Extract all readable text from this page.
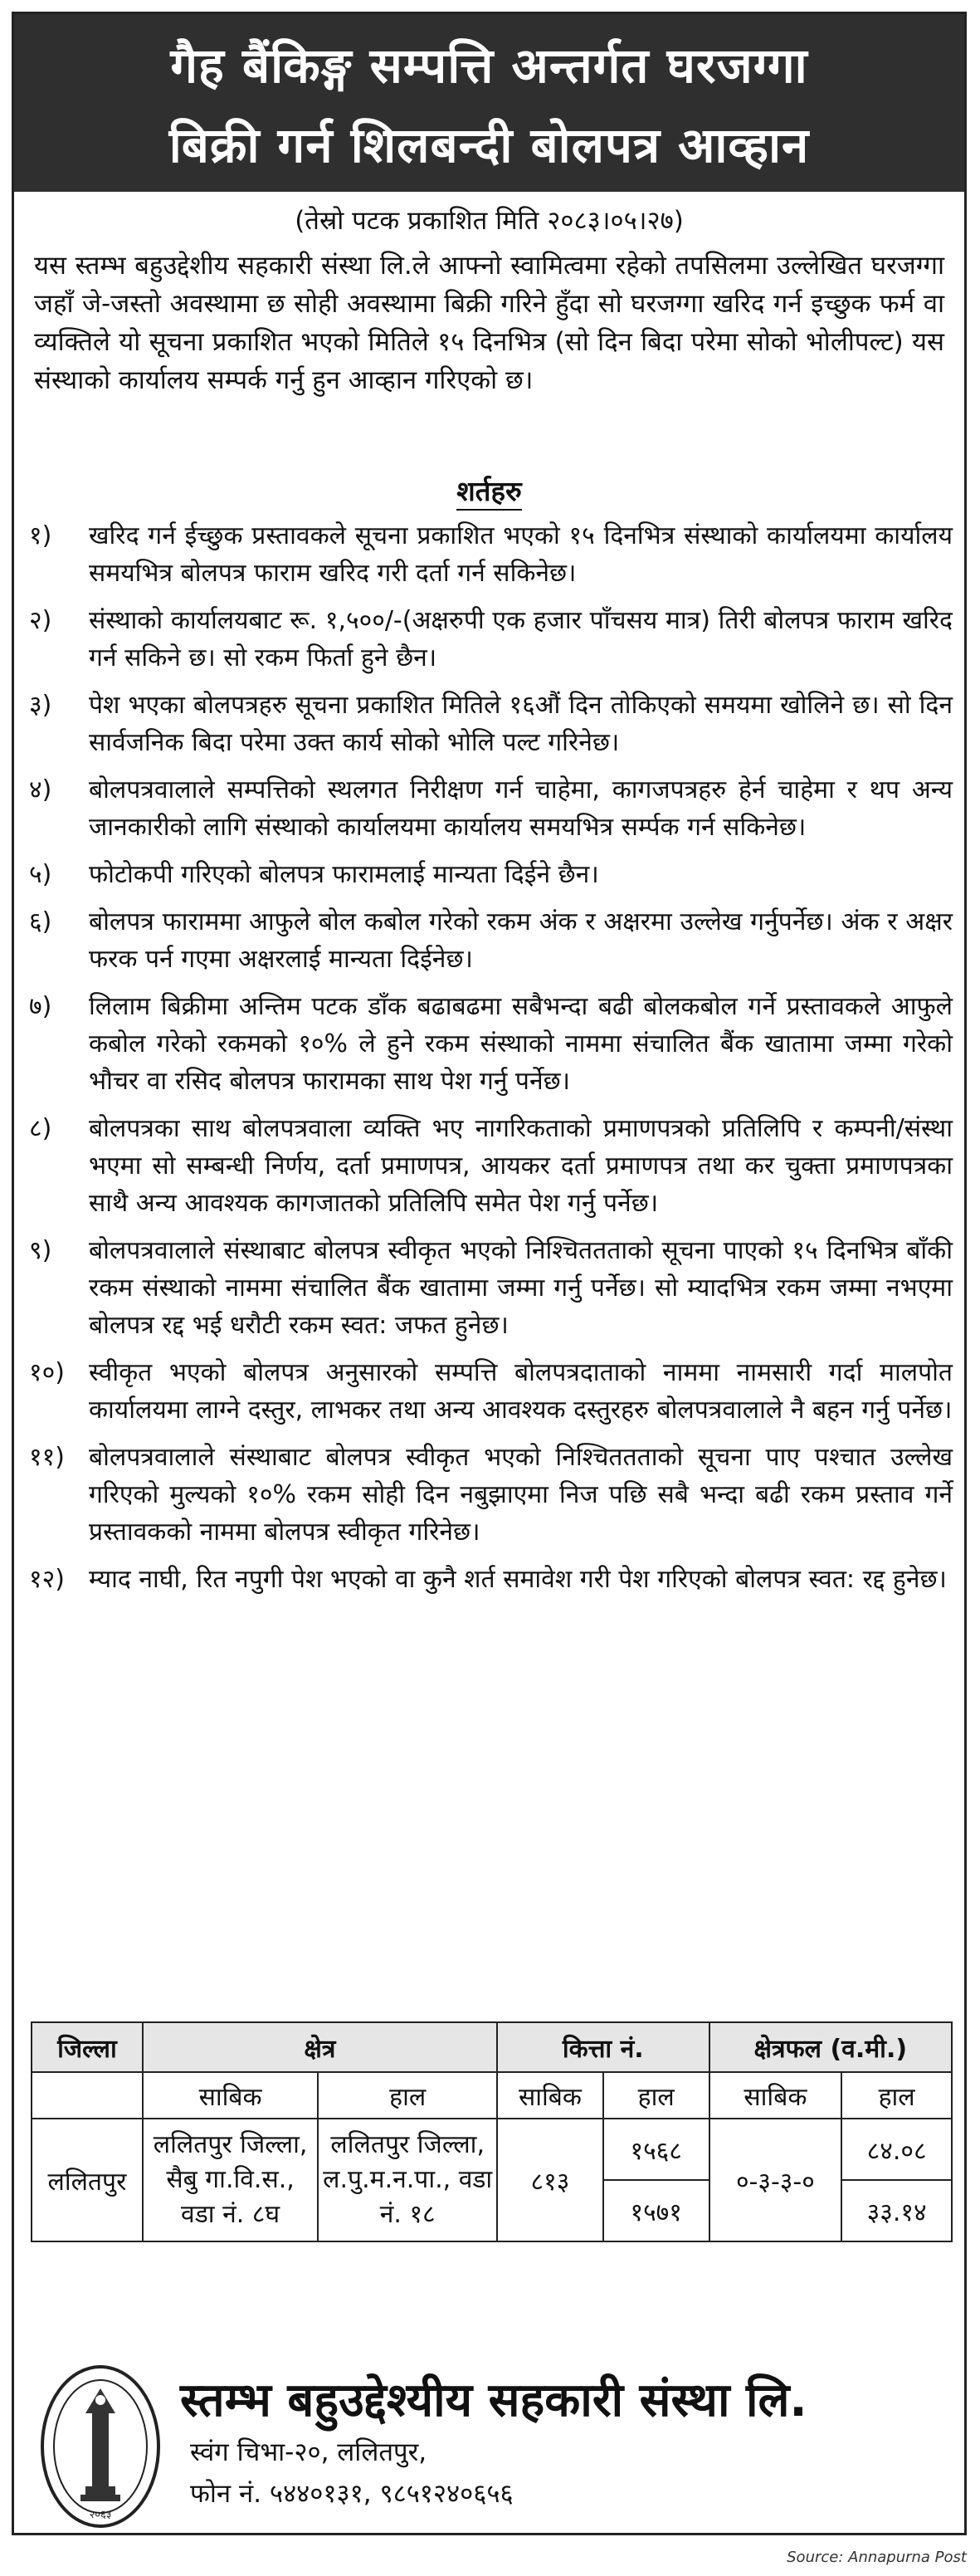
गैह बैंकिङ्ग सम्पत्ति अन्तर्गत घरजग्गा
बिक्री गर्न शिलबन्दी बोलपत्र आव्हान
(तेस्रो पटक प्रकाशित मिति २०८३।०५।२७)
यस स्तम्भ बहुउद्देशीय सहकारी संस्था लि.ले आफ्नो स्वामित्वमा रहेको तपसिलमा उल्लेखित घरजग्गा जहाँ जे-जस्तो अवस्थामा छ सोही अवस्थामा बिक्री गरिने हुँदा सो घरजग्गा खरिद गर्न इच्छुक फर्म वा व्यक्तिले यो सूचना प्रकाशित भएको मितिले १५ दिनभित्र (सो दिन बिदा परेमा सोको भोलीपल्ट) यस संस्थाको कार्यालय सम्पर्क गर्नु हुन आव्हान गरिएको छ।
शर्तहरु
१)	खरिद गर्न ईच्छुक प्रस्तावकले सूचना प्रकाशित भएको १५ दिनभित्र संस्थाको कार्यालयमा कार्यालय समयभित्र बोलपत्र फाराम खरिद गरी दर्ता गर्न सकिनेछ।
२)	संस्थाको कार्यालयबाट रू. १,५००/-(अक्षरुपी एक हजार पाँचसय मात्र) तिरी बोलपत्र फाराम खरिद गर्न सकिने छ। सो रकम फिर्ता हुने छैन।
३)	पेश भएका बोलपत्रहरु सूचना प्रकाशित मितिले १६औं दिन तोकिएको समयमा खोलिने छ। सो दिन सार्वजनिक बिदा परेमा उक्त कार्य सोको भोलि पल्ट गरिनेछ।
४)	बोलपत्रवालाले सम्पत्तिको स्थलगत निरीक्षण गर्न चाहेमा, कागजपत्रहरु हेर्न चाहेमा र थप अन्य जानकारीको लागि संस्थाको कार्यालयमा कार्यालय समयभित्र सर्म्पक गर्न सकिनेछ।
५)	फोटोकपी गरिएको बोलपत्र फारामलाई मान्यता दिईने छैन।
६)	बोलपत्र फाराममा आफुले बोल कबोल गरेको रकम अंक र अक्षरमा उल्लेख गर्नुपर्नेछ। अंक र अक्षर फरक पर्न गएमा अक्षरलाई मान्यता दिईनेछ।
७)	लिलाम बिक्रीमा अन्तिम पटक डाँक बढाबढमा सबैभन्दा बढी बोलकबोल गर्ने प्रस्तावकले आफुले कबोल गरेको रकमको १०% ले हुने रकम संस्थाको नाममा संचालित बैंक खातामा जम्मा गरेको भौचर वा रसिद बोलपत्र फारामका साथ पेश गर्नु पर्नेछ।
८)	बोलपत्रका साथ बोलपत्रवाला व्यक्ति भए नागरिकताको प्रमाणपत्रको प्रतिलिपि र कम्पनी/संस्था भएमा सो सम्बन्धी निर्णय, दर्ता प्रमाणपत्र, आयकर दर्ता प्रमाणपत्र तथा कर चुक्ता प्रमाणपत्रका साथै अन्य आवश्यक कागजातको प्रतिलिपि समेत पेश गर्नु पर्नेछ।
९)	बोलपत्रवालाले संस्थाबाट बोलपत्र स्वीकृत भएको निश्चिततताको सूचना पाएको १५ दिनभित्र बाँकी रकम संस्थाको नाममा संचालित बैंक खातामा जम्मा गर्नु पर्नेछ। सो म्यादभित्र रकम जम्मा नभएमा बोलपत्र रद्द भई धरौटी रकम स्वत: जफत हुनेछ।
१०) स्वीकृत भएको बोलपत्र अनुसारको सम्पत्ति बोलपत्रदाताको नाममा नामसारी गर्दा मालपोत कार्यालयमा लाग्ने दस्तुर, लाभकर तथा अन्य आवश्यक दस्तुरहरु बोलपत्रवालाले नै बहन गर्नु पर्नेछ।
११) बोलपत्रवालाले संस्थाबाट बोलपत्र स्वीकृत भएको निश्चिततताको सूचना पाए पश्चात उल्लेख गरिएको मुल्यको १०% रकम सोही दिन नबुझाएमा निज पछि सबै भन्दा बढी रकम प्रस्ताव गर्ने प्रस्तावकको नाममा बोलपत्र स्वीकृत गरिनेछ।
१२) म्याद नाघी, रित नपुगी पेश भएको वा कुनै शर्त समावेश गरी पेश गरिएको बोलपत्र स्वत: रद्द हुनेछ।
जिल्ला	क्षेत्र		कित्ता नं.		क्षेत्रफल (व.मी.)	
	साबिक	हाल	साबिक	हाल	साबिक	हाल
ललितपुर	ललितपुर जिल्ला, सैबु गा.वि.स., वडा नं. ८घ	ललितपुर जिल्ला, ल.पु.म.न.पा., वडा नं. १८	८१३	१५६८	०-३-३-०	८४.०८
				१५७१		३३.१४
२०६३
स्तम्भ बहुउद्देश्यीय सहकारी संस्था लि.
स्वंग चिभा-२०, ललितपुर,
फोन नं. ५४४०१३१, ९८५१२४०६५६
Source: Annapurna Post
